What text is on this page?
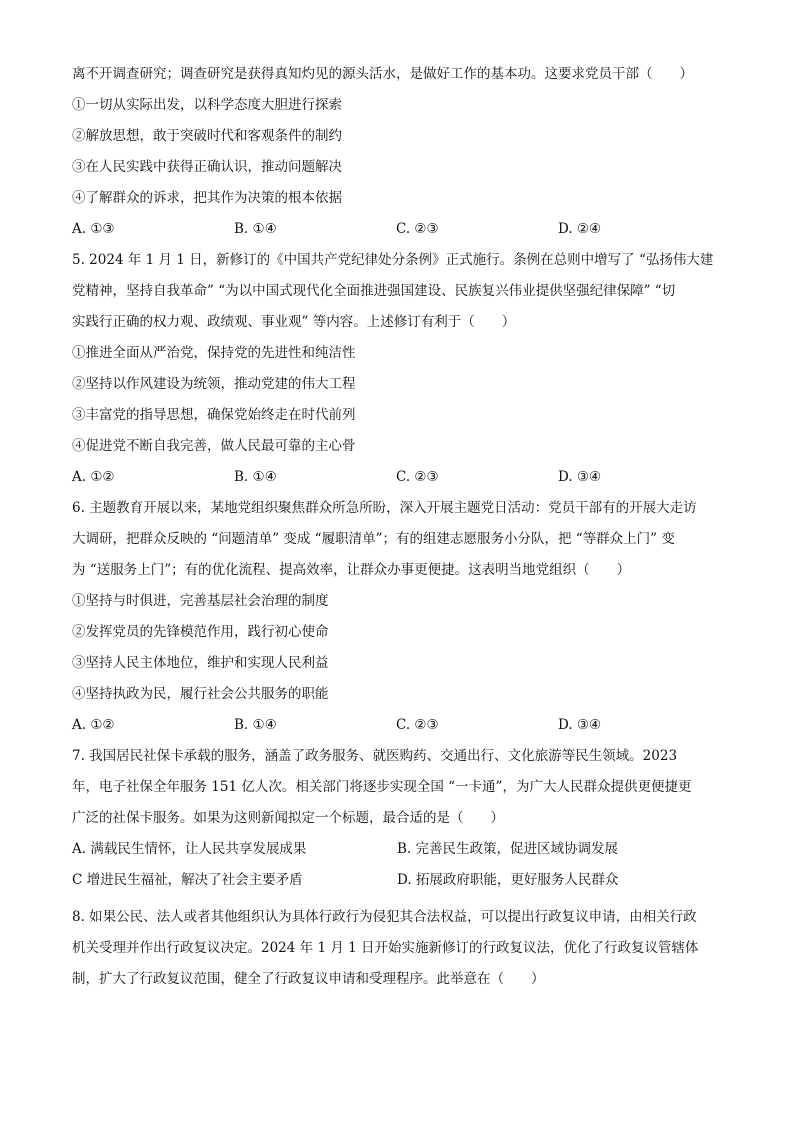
离不开调查研究；调查研究是获得真知灼见的源头活水，是做好工作的基本功。这要求党员干部（　　）
①一切从实际出发，以科学态度大胆进行探索
②解放思想，敢于突破时代和客观条件的制约
③在人民实践中获得正确认识，推动问题解决
④了解群众的诉求，把其作为决策的根本依据
A. ①③	B. ①④	C. ②③	D. ②④
5. 2024 年 1 月 1 日，新修订的《中国共产党纪律处分条例》正式施行。条例在总则中增写了 “弘扬伟大建
党精神，坚持自我革命” “为以中国式现代化全面推进强国建设、民族复兴伟业提供坚强纪律保障” “切
实践行正确的权力观、政绩观、事业观” 等内容。上述修订有利于（　　）
①推进全面从严治党，保持党的先进性和纯洁性
②坚持以作风建设为统领，推动党建的伟大工程
③丰富党的指导思想，确保党始终走在时代前列
④促进党不断自我完善，做人民最可靠的主心骨
A. ①②	B. ①④	C. ②③	D. ③④
6. 主题教育开展以来，某地党组织聚焦群众所急所盼，深入开展主题党日活动：党员干部有的开展大走访
大调研，把群众反映的 “问题清单” 变成 “履职清单”；有的组建志愿服务小分队，把 “等群众上门” 变
为 “送服务上门”；有的优化流程、提高效率，让群众办事更便捷。这表明当地党组织（　　）
①坚持与时俱进，完善基层社会治理的制度
②发挥党员的先锋模范作用，践行初心使命
③坚持人民主体地位，维护和实现人民利益
④坚持执政为民，履行社会公共服务的职能
A. ①②	B. ①④	C. ②③	D. ③④
7. 我国居民社保卡承载的服务，涵盖了政务服务、就医购药、交通出行、文化旅游等民生领域。2023
年，电子社保全年服务 151 亿人次。相关部门将逐步实现全国 “一卡通”，为广大人民群众提供更便捷更
广泛的社保卡服务。如果为这则新闻拟定一个标题，最合适的是（　　）
A. 满载民生情怀，让人民共享发展成果	B. 完善民生政策，促进区域协调发展
C 增进民生福祉，解决了社会主要矛盾	D. 拓展政府职能，更好服务人民群众
8. 如果公民、法人或者其他组织认为具体行政行为侵犯其合法权益，可以提出行政复议申请，由相关行政
机关受理并作出行政复议决定。2024 年 1 月 1 日开始实施新修订的行政复议法，优化了行政复议管辖体
制，扩大了行政复议范围，健全了行政复议申请和受理程序。此举意在（　　）
